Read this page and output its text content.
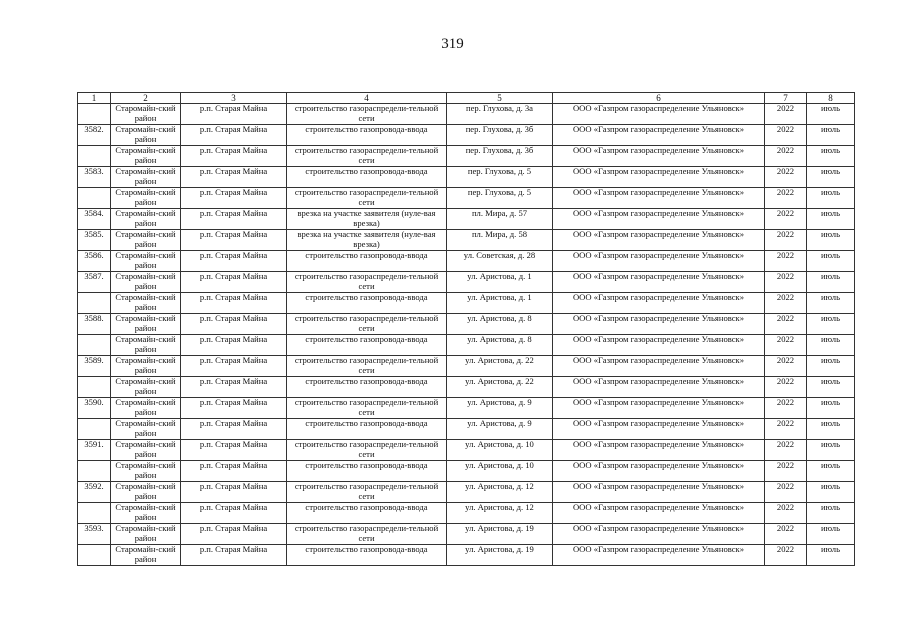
319
1	2	3	4	5	6	7	8
	Старомайн-ский район	р.п. Старая Майна	строительство газораспредели-тельной сети	пер. Глухова, д. 3а	ООО «Газпром газораспределение Ульяновск»	2022	июль
3582.	Старомайн-ский район	р.п. Старая Майна	строительство газопровода-ввода	пер. Глухова, д. 3б	ООО «Газпром газораспределение Ульяновск»	2022	июль
	Старомайн-ский район	р.п. Старая Майна	строительство газораспредели-тельной сети	пер. Глухова, д. 3б	ООО «Газпром газораспределение Ульяновск»	2022	июль
3583.	Старомайн-ский район	р.п. Старая Майна	строительство газопровода-ввода	пер. Глухова, д. 5	ООО «Газпром газораспределение Ульяновск»	2022	июль
	Старомайн-ский район	р.п. Старая Майна	строительство газораспредели-тельной сети	пер. Глухова, д. 5	ООО «Газпром газораспределение Ульяновск»	2022	июль
3584.	Старомайн-ский район	р.п. Старая Майна	врезка на участке заявителя (нуле-вая врезка)	пл. Мира, д. 57	ООО «Газпром газораспределение Ульяновск»	2022	июль
3585.	Старомайн-ский район	р.п. Старая Майна	врезка на участке заявителя (нуле-вая врезка)	пл. Мира, д. 58	ООО «Газпром газораспределение Ульяновск»	2022	июль
3586.	Старомайн-ский район	р.п. Старая Майна	строительство газопровода-ввода	ул. Советская, д. 28	ООО «Газпром газораспределение Ульяновск»	2022	июль
3587.	Старомайн-ский район	р.п. Старая Майна	строительство газораспредели-тельной сети	ул. Аристова, д. 1	ООО «Газпром газораспределение Ульяновск»	2022	июль
	Старомайн-ский район	р.п. Старая Майна	строительство газопровода-ввода	ул. Аристова, д. 1	ООО «Газпром газораспределение Ульяновск»	2022	июль
3588.	Старомайн-ский район	р.п. Старая Майна	строительство газораспредели-тельной сети	ул. Аристова, д. 8	ООО «Газпром газораспределение Ульяновск»	2022	июль
	Старомайн-ский район	р.п. Старая Майна	строительство газопровода-ввода	ул. Аристова, д. 8	ООО «Газпром газораспределение Ульяновск»	2022	июль
3589.	Старомайн-ский район	р.п. Старая Майна	строительство газораспредели-тельной сети	ул. Аристова, д. 22	ООО «Газпром газораспределение Ульяновск»	2022	июль
	Старомайн-ский район	р.п. Старая Майна	строительство газопровода-ввода	ул. Аристова, д. 22	ООО «Газпром газораспределение Ульяновск»	2022	июль
3590.	Старомайн-ский район	р.п. Старая Майна	строительство газораспредели-тельной сети	ул. Аристова, д. 9	ООО «Газпром газораспределение Ульяновск»	2022	июль
	Старомайн-ский район	р.п. Старая Майна	строительство газопровода-ввода	ул. Аристова, д. 9	ООО «Газпром газораспределение Ульяновск»	2022	июль
3591.	Старомайн-ский район	р.п. Старая Майна	строительство газораспредели-тельной сети	ул. Аристова, д. 10	ООО «Газпром газораспределение Ульяновск»	2022	июль
	Старомайн-ский район	р.п. Старая Майна	строительство газопровода-ввода	ул. Аристова, д. 10	ООО «Газпром газораспределение Ульяновск»	2022	июль
3592.	Старомайн-ский район	р.п. Старая Майна	строительство газораспредели-тельной сети	ул. Аристова, д. 12	ООО «Газпром газораспределение Ульяновск»	2022	июль
	Старомайн-ский район	р.п. Старая Майна	строительство газопровода-ввода	ул. Аристова, д. 12	ООО «Газпром газораспределение Ульяновск»	2022	июль
3593.	Старомайн-ский район	р.п. Старая Майна	строительство газораспредели-тельной сети	ул. Аристова, д. 19	ООО «Газпром газораспределение Ульяновск»	2022	июль
	Старомайн-ский район	р.п. Старая Майна	строительство газопровода-ввода	ул. Аристова, д. 19	ООО «Газпром газораспределение Ульяновск»	2022	июль
